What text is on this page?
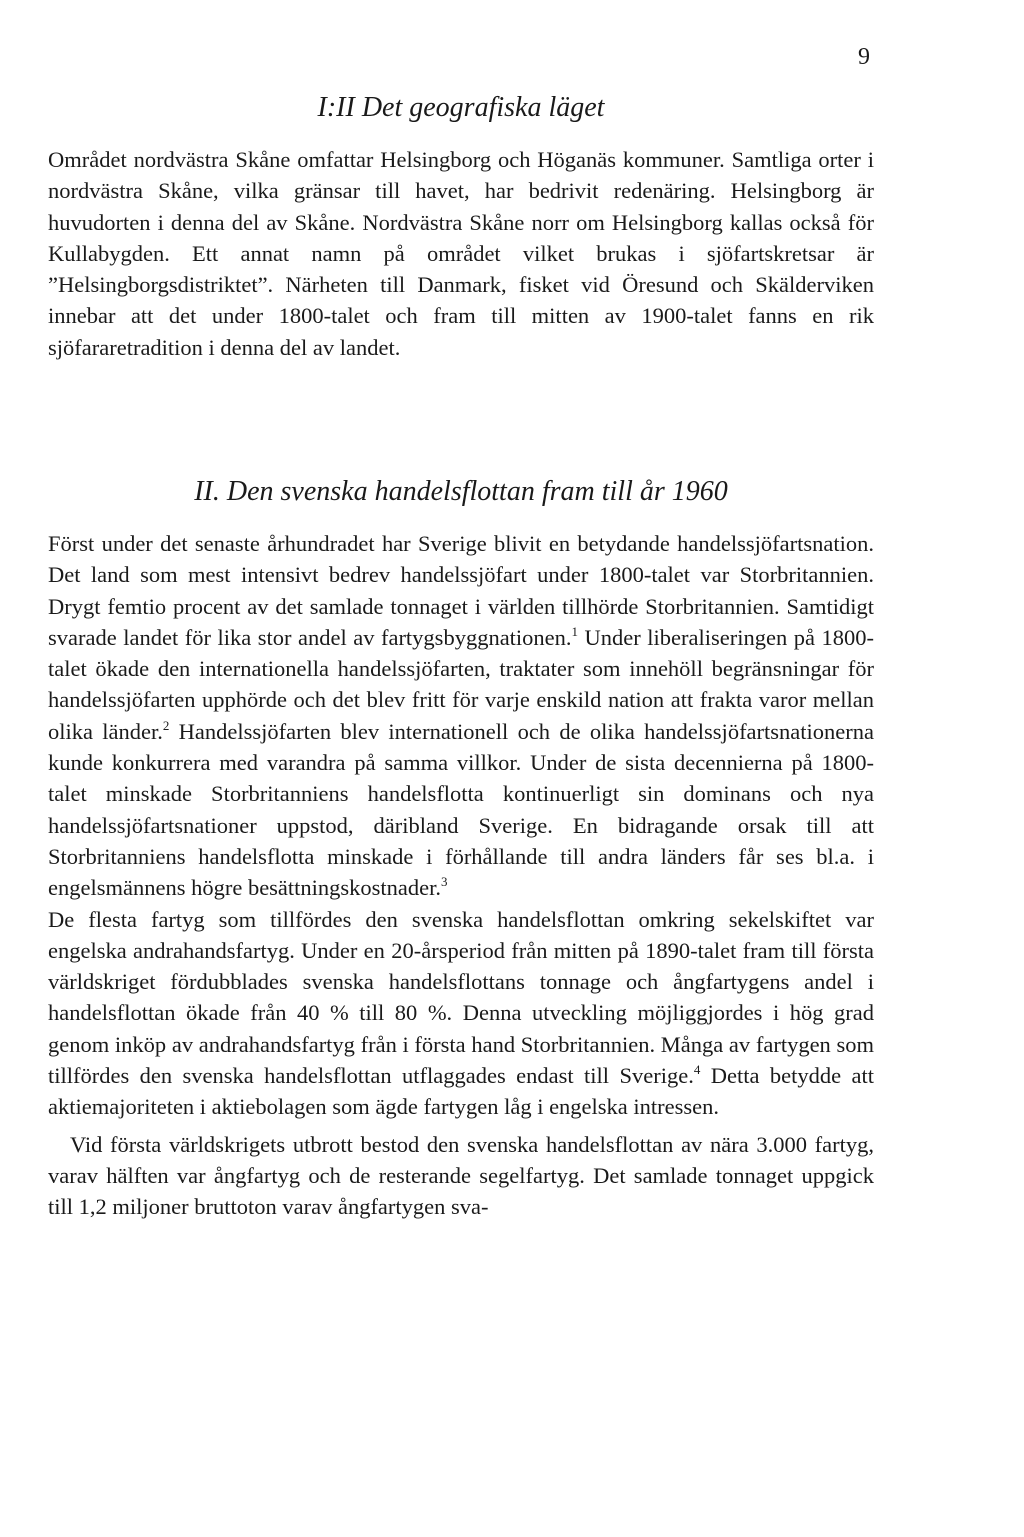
9
I:II Det geografiska läget

Området nordvästra Skåne omfattar Helsingborg och Höganäs kommuner. Samtliga orter i nordvästra Skåne, vilka gränsar till havet, har bedrivit redenäring. Helsingborg är huvudorten i denna del av Skåne. Nordvästra Skåne norr om Helsingborg kallas också för Kullabygden. Ett annat namn på området vilket brukas i sjöfartskretsar är ”Helsingborgsdistriktet”. Närheten till Danmark, fisket vid Öresund och Skälderviken innebar att det under 1800-talet och fram till mitten av 1900-talet fanns en rik sjöfararetradition i denna del av landet.

II. Den svenska handelsflottan fram till år 1960

Först under det senaste århundradet har Sverige blivit en betydande handelssjöfartsnation. Det land som mest intensivt bedrev handelssjöfart under 1800-talet var Storbritannien. Drygt femtio procent av det samlade tonnaget i världen tillhörde Storbritannien. Samtidigt svarade landet för lika stor andel av fartygsbyggnationen.$^1$ Under liberaliseringen på 1800-talet ökade den internationella handelssjöfarten, traktater som innehöll begränsningar för handelssjöfarten upphörde och det blev fritt för varje enskild nation att frakta varor mellan olika länder.$^2$ Handelssjöfarten blev internationell och de olika handelssjöfartsnationerna kunde konkurrera med varandra på samma villkor. Under de sista decennierna på 1800-talet minskade Storbritanniens handelsflotta kontinuerligt sin dominans och nya handelssjöfartsnationer uppstod, däribland Sverige. En bidragande orsak till att Storbritanniens handelsflotta minskade i förhållande till andra länders får ses bl.a. i engelsmännens högre besättningskostnader.$^3$

De flesta fartyg som tillfördes den svenska handelsflottan omkring sekelskiftet var engelska andrahandsfartyg. Under en 20-årsperiod från mitten på 1890-talet fram till första världskriget fördubblades svenska handelsflottans tonnage och ångfartygens andel i handelsflottan ökade från 40 % till 80 %. Denna utveckling möjliggjordes i hög grad genom inköp av andrahandsfartyg från i första hand Storbritannien. Många av fartygen som tillfördes den svenska handelsflottan utflaggades endast till Sverige.$^4$ Detta betydde att aktiemajoriteten i aktiebolagen som ägde fartygen låg i engelska intressen.

Vid första världskrigets utbrott bestod den svenska handelsflottan av nära 3.000 fartyg, varav hälften var ångfartyg och de resterande segelfartyg. Det samlade tonnaget uppgick till 1,2 miljoner bruttoton varav ångfartygen sva-
